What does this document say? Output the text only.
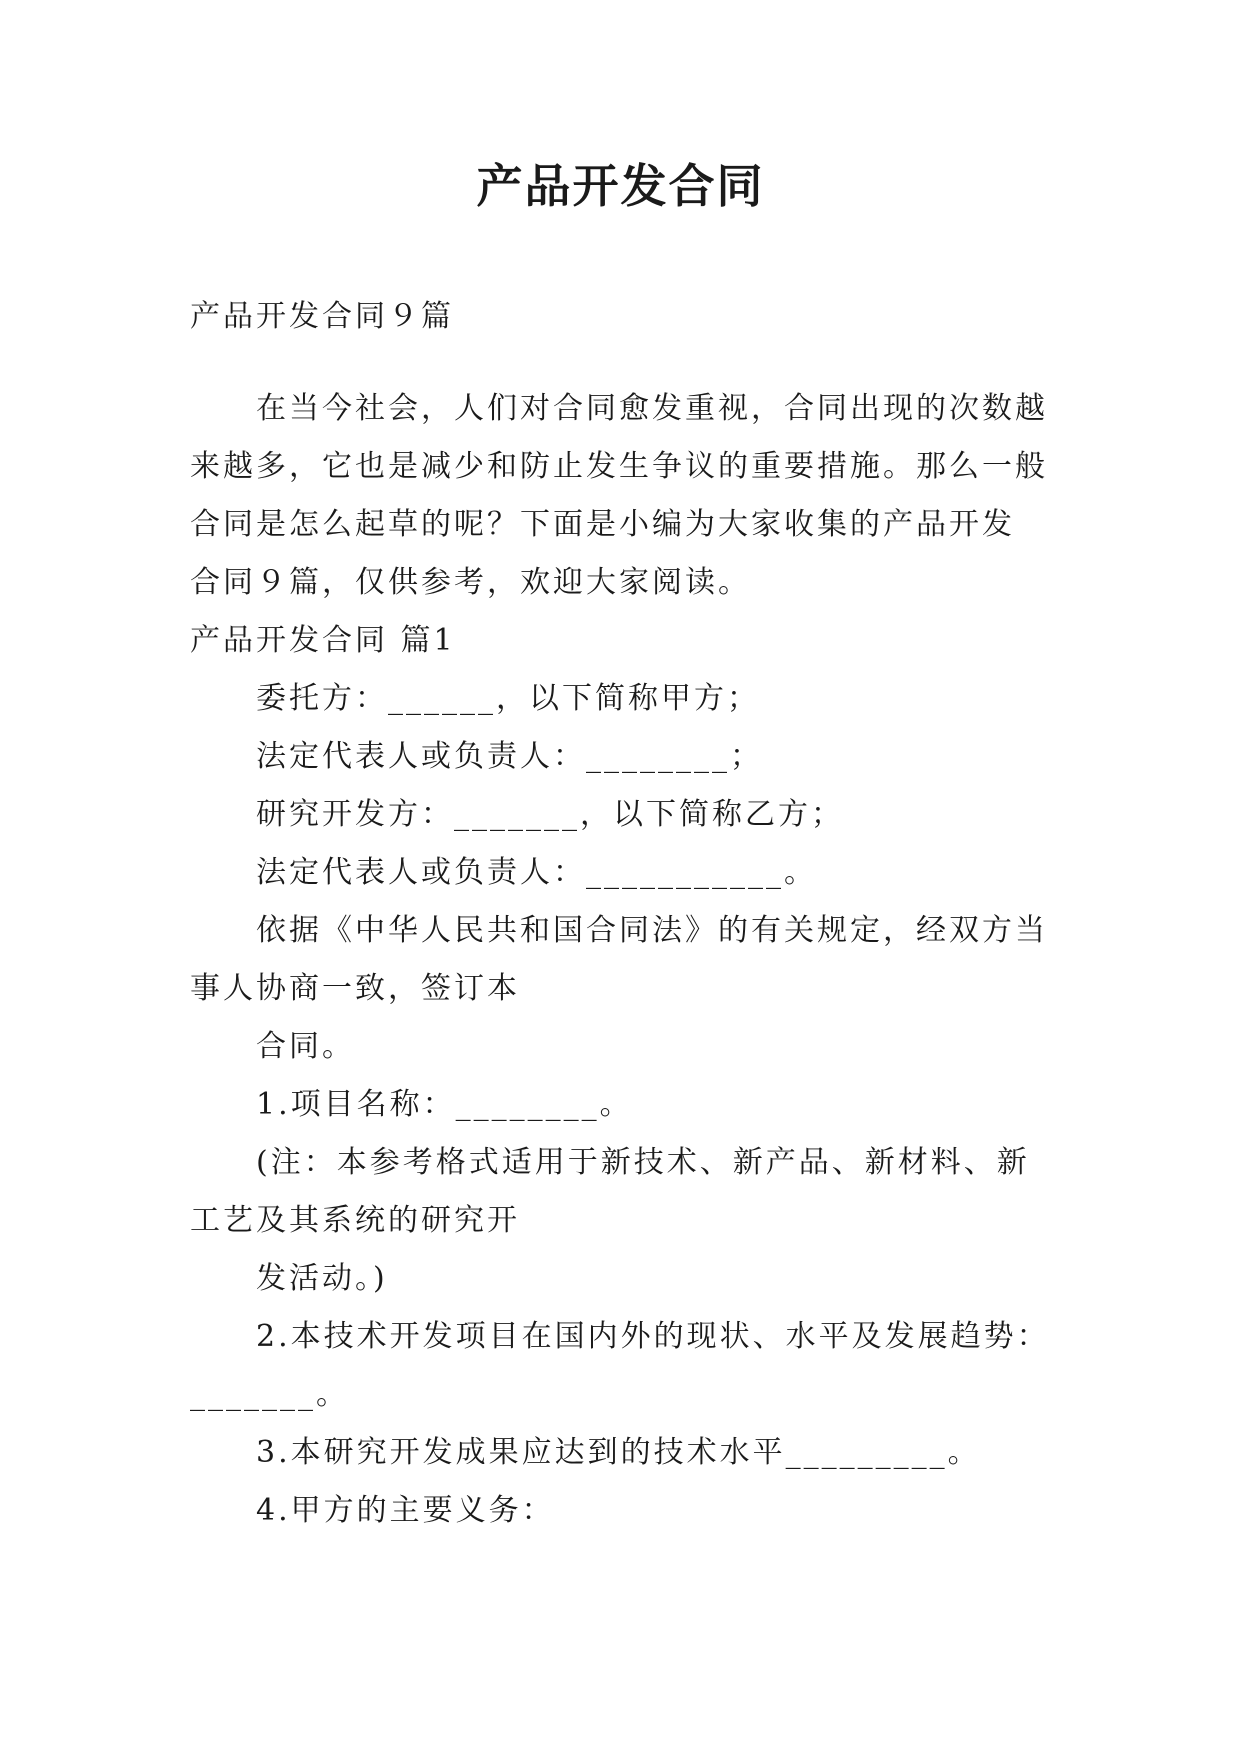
产品开发合同
产品开发合同９篇
在当今社会，人们对合同愈发重视，合同出现的次数越
来越多，它也是减少和防止发生争议的重要措施。那么一般
合同是怎么起草的呢？下面是小编为大家收集的产品开发
合同９篇，仅供参考，欢迎大家阅读。
产品开发合同 篇1
委托方：______，以下简称甲方；
法定代表人或负责人：________；
研究开发方：_______，以下简称乙方；
法定代表人或负责人：___________。
依据《中华人民共和国合同法》的有关规定，经双方当
事人协商一致，签订本
合同。
1.项目名称：________。
(注：本参考格式适用于新技术、新产品、新材料、新
工艺及其系统的研究开
发活动。)
2.本技术开发项目在国内外的现状、水平及发展趋势：
_______。
3.本研究开发成果应达到的技术水平_________。
4.甲方的主要义务：
